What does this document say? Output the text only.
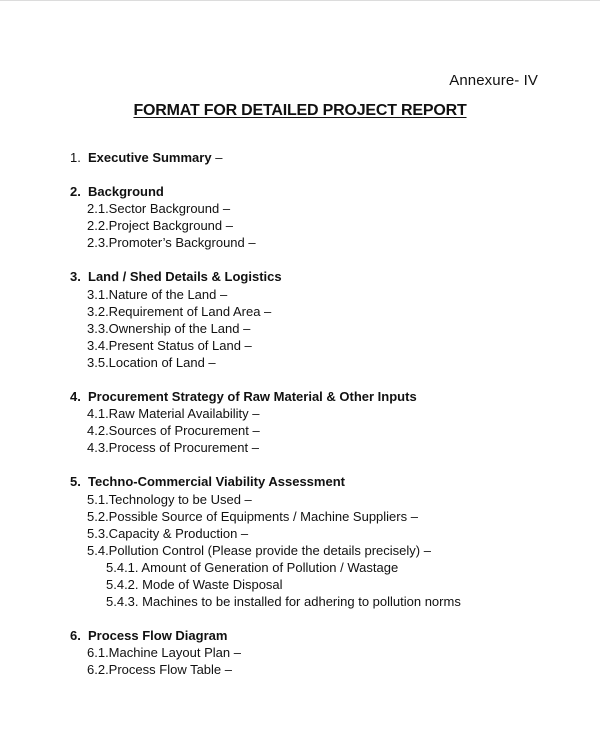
Annexure- IV
FORMAT FOR DETAILED PROJECT REPORT
1. Executive Summary –
2. Background
2.1.Sector Background –
2.2.Project Background –
2.3.Promoter’s Background –
3. Land / Shed Details & Logistics
3.1.Nature of the Land –
3.2.Requirement of Land Area –
3.3.Ownership of the Land –
3.4.Present Status of Land –
3.5.Location of Land –
4. Procurement Strategy of Raw Material & Other Inputs
4.1.Raw Material Availability –
4.2.Sources of Procurement –
4.3.Process of Procurement –
5. Techno-Commercial Viability Assessment
5.1.Technology to be Used –
5.2.Possible Source of Equipments / Machine Suppliers –
5.3.Capacity & Production –
5.4.Pollution Control (Please provide the details precisely) –
5.4.1. Amount of Generation of Pollution / Wastage
5.4.2. Mode of Waste Disposal
5.4.3. Machines to be installed for adhering to pollution norms
6. Process Flow Diagram
6.1.Machine Layout Plan –
6.2.Process Flow Table –
